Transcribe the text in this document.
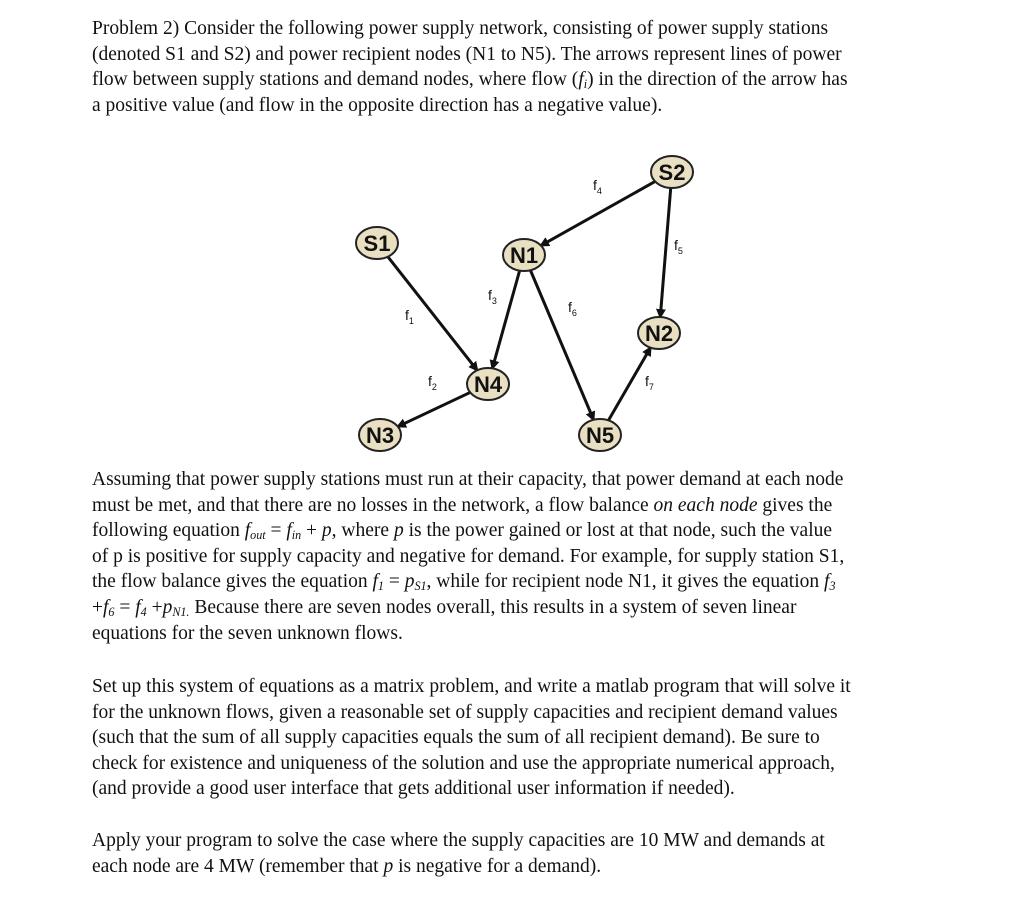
Problem 2) Consider the following power supply network, consisting of power supply stations
(denoted S1 and S2) and power recipient nodes (N1 to N5). The arrows represent lines of power
flow between supply stations and demand nodes, where flow $(f_i)$ in the direction of the arrow has
a positive value (and flow in the opposite direction has a negative value).
S1
S2
N1
N2
N3
N4
N5
$f_1$
$f_2$
$f_3$
$f_4$
$f_5$
$f_6$
$f_7$
Assuming that power supply stations must run at their capacity, that power demand at each node
must be met, and that there are no losses in the network, a flow balance on each node gives the
following equation $f_{out} = f_{in} + p$, where p is the power gained or lost at that node, such the value
of p is positive for supply capacity and negative for demand. For example, for supply station S1,
the flow balance gives the equation $f_1 = p_{S1}$, while for recipient node N1, it gives the equation $f_3$
$+f_6 = f_4 +p_{N1.}$ Because there are seven nodes overall, this results in a system of seven linear
equations for the seven unknown flows.
Set up this system of equations as a matrix problem, and write a matlab program that will solve it
for the unknown flows, given a reasonable set of supply capacities and recipient demand values
(such that the sum of all supply capacities equals the sum of all recipient demand). Be sure to
check for existence and uniqueness of the solution and use the appropriate numerical approach,
(and provide a good user interface that gets additional user information if needed).
Apply your program to solve the case where the supply capacities are 10 MW and demands at
each node are 4 MW (remember that p is negative for a demand).
